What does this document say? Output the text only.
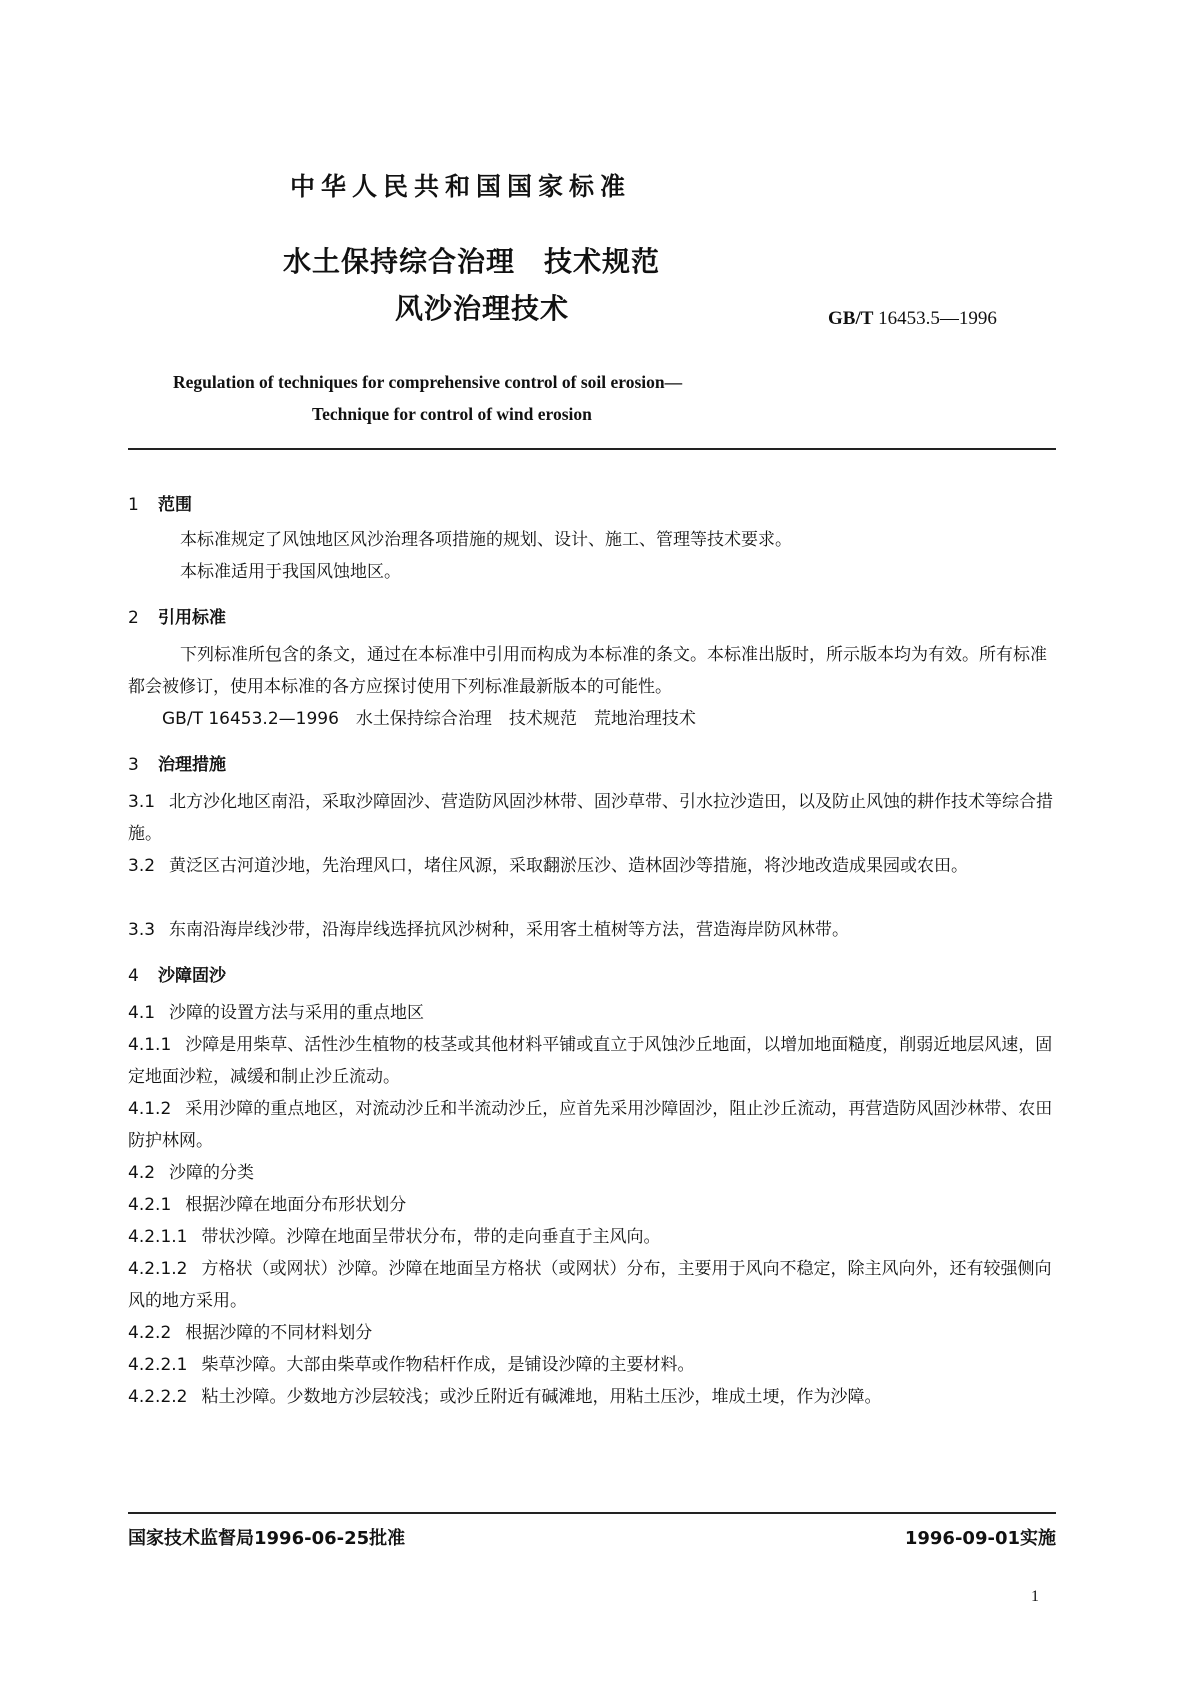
中华人民共和国国家标准
水土保持综合治理　技术规范
风沙治理技术	GB/T 16453.5—1996
Regulation of techniques for comprehensive control of soil erosion—
Technique for control of wind erosion
1 范围
本标准规定了风蚀地区风沙治理各项措施的规划、设计、施工、管理等技术要求。
本标准适用于我国风蚀地区。
2 引用标准
下列标准所包含的条文，通过在本标准中引用而构成为本标准的条文。本标准出版时，所示版本均为有效。所有标准都会被修订，使用本标准的各方应探讨使用下列标准最新版本的可能性。
GB/T 16453.2—1996　水土保持综合治理　技术规范　荒地治理技术
3 治理措施
3.1 北方沙化地区南沿，采取沙障固沙、营造防风固沙林带、固沙草带、引水拉沙造田，以及防止风蚀的耕作技术等综合措施。
3.2 黄泛区古河道沙地，先治理风口，堵住风源，采取翻淤压沙、造林固沙等措施，将沙地改造成果园或农田。
3.3 东南沿海岸线沙带，沿海岸线选择抗风沙树种，采用客土植树等方法，营造海岸防风林带。
4 沙障固沙
4.1 沙障的设置方法与采用的重点地区
4.1.1 沙障是用柴草、活性沙生植物的枝茎或其他材料平铺或直立于风蚀沙丘地面，以增加地面糙度，削弱近地层风速，固定地面沙粒，减缓和制止沙丘流动。
4.1.2 采用沙障的重点地区，对流动沙丘和半流动沙丘，应首先采用沙障固沙，阻止沙丘流动，再营造防风固沙林带、农田防护林网。
4.2 沙障的分类
4.2.1 根据沙障在地面分布形状划分
4.2.1.1 带状沙障。沙障在地面呈带状分布，带的走向垂直于主风向。
4.2.1.2 方格状（或网状）沙障。沙障在地面呈方格状（或网状）分布，主要用于风向不稳定，除主风向外，还有较强侧向风的地方采用。
4.2.2 根据沙障的不同材料划分
4.2.2.1 柴草沙障。大部由柴草或作物秸杆作成，是铺设沙障的主要材料。
4.2.2.2 粘土沙障。少数地方沙层较浅；或沙丘附近有碱滩地，用粘土压沙，堆成土埂，作为沙障。
国家技术监督局1996-06-25批准	1996-09-01实施
1
